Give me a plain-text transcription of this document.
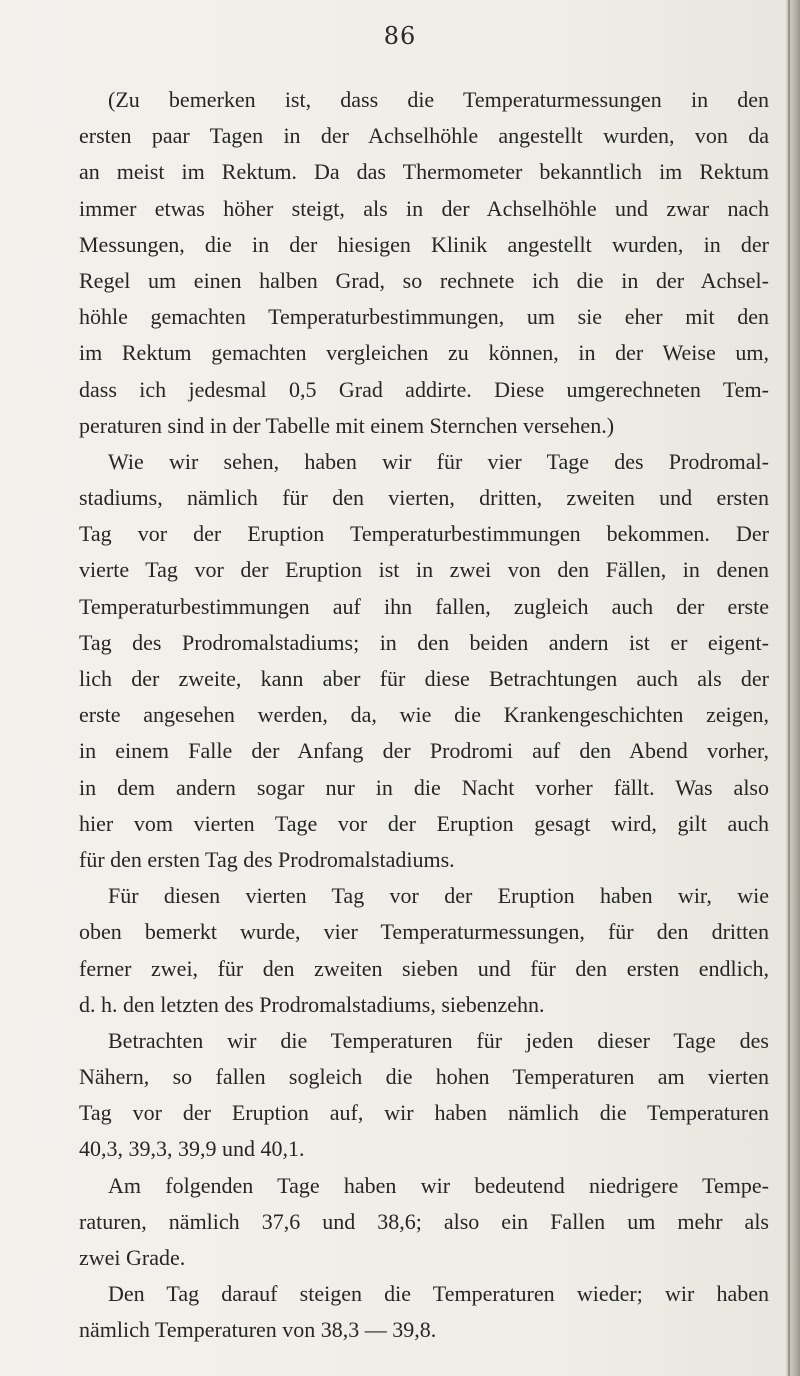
86
(Zu bemerken ist, dass die Temperaturmessungen in den
ersten paar Tagen in der Achselhöhle angestellt wurden, von da
an meist im Rektum. Da das Thermometer bekanntlich im Rektum
immer etwas höher steigt, als in der Achselhöhle und zwar nach
Messungen, die in der hiesigen Klinik angestellt wurden, in der
Regel um einen halben Grad, so rechnete ich die in der Achsel-
höhle gemachten Temperaturbestimmungen, um sie eher mit den
im Rektum gemachten vergleichen zu können, in der Weise um,
dass ich jedesmal 0,5 Grad addirte. Diese umgerechneten Tem-
peraturen sind in der Tabelle mit einem Sternchen versehen.)
Wie wir sehen, haben wir für vier Tage des Prodromal-
stadiums, nämlich für den vierten, dritten, zweiten und ersten
Tag vor der Eruption Temperaturbestimmungen bekommen. Der
vierte Tag vor der Eruption ist in zwei von den Fällen, in denen
Temperaturbestimmungen auf ihn fallen, zugleich auch der erste
Tag des Prodromalstadiums; in den beiden andern ist er eigent-
lich der zweite, kann aber für diese Betrachtungen auch als der
erste angesehen werden, da, wie die Krankengeschichten zeigen,
in einem Falle der Anfang der Prodromi auf den Abend vorher,
in dem andern sogar nur in die Nacht vorher fällt. Was also
hier vom vierten Tage vor der Eruption gesagt wird, gilt auch
für den ersten Tag des Prodromalstadiums.
Für diesen vierten Tag vor der Eruption haben wir, wie
oben bemerkt wurde, vier Temperaturmessungen, für den dritten
ferner zwei, für den zweiten sieben und für den ersten endlich,
d. h. den letzten des Prodromalstadiums, siebenzehn.
Betrachten wir die Temperaturen für jeden dieser Tage des
Nähern, so fallen sogleich die hohen Temperaturen am vierten
Tag vor der Eruption auf, wir haben nämlich die Temperaturen
40,3, 39,3, 39,9 und 40,1.
Am folgenden Tage haben wir bedeutend niedrigere Tempe-
raturen, nämlich 37,6 und 38,6; also ein Fallen um mehr als
zwei Grade.
Den Tag darauf steigen die Temperaturen wieder; wir haben
nämlich Temperaturen von 38,3 — 39,8.
